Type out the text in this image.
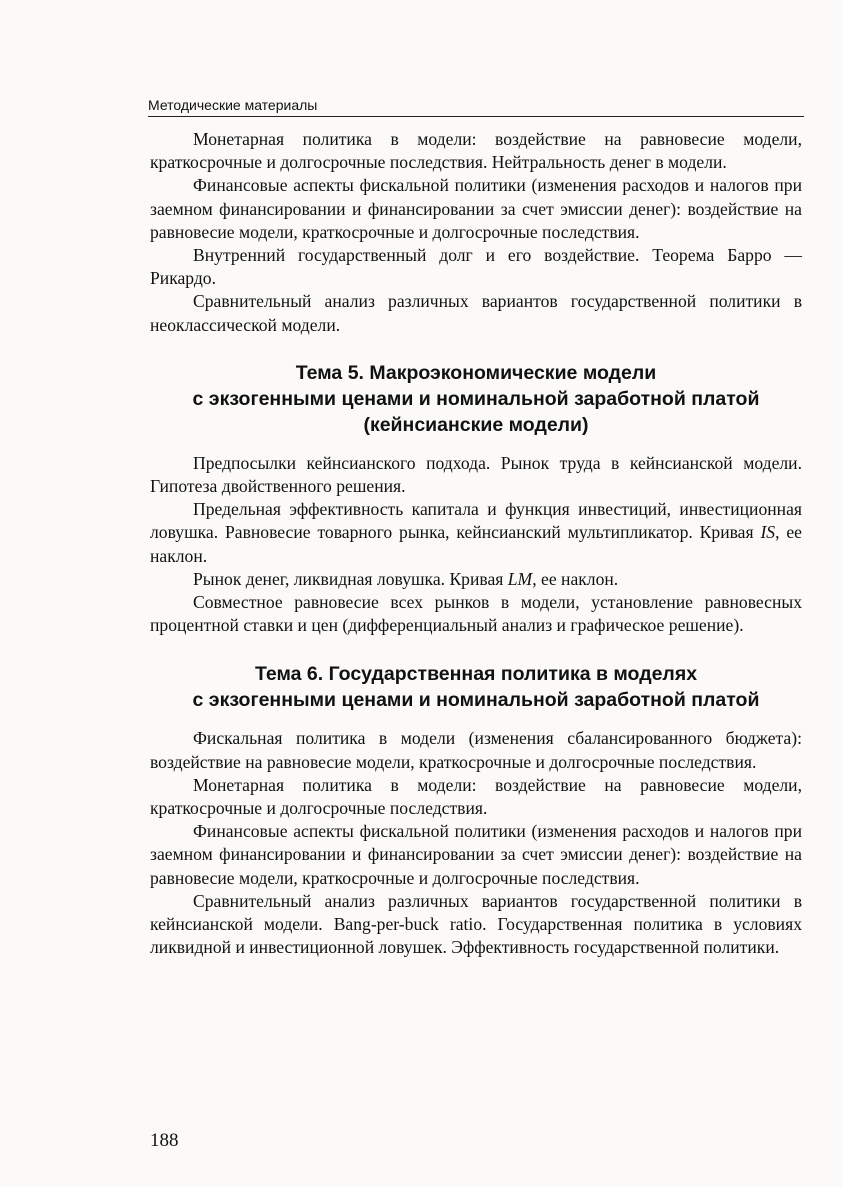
Методические материалы

Монетарная политика в модели: воздействие на равновесие модели, краткосрочные и долгосрочные последствия. Нейтральность денег в модели.

Финансовые аспекты фискальной политики (изменения расходов и налогов при заемном финансировании и финансировании за счет эмиссии денег): воздействие на равновесие модели, краткосрочные и долгосрочные последствия.

Внутренний государственный долг и его воздействие. Теорема Барро — Рикардо.

Сравнительный анализ различных вариантов государственной политики в неоклассической модели.

Тема 5. Макроэкономические модели
с экзогенными ценами и номинальной заработной платой
(кейнсианские модели)

Предпосылки кейнсианского подхода. Рынок труда в кейнсианской модели. Гипотеза двойственного решения.

Предельная эффективность капитала и функция инвестиций, инвестиционная ловушка. Равновесие товарного рынка, кейнсианский мультипликатор. Кривая IS, ее наклон.

Рынок денег, ликвидная ловушка. Кривая LM, ее наклон.

Совместное равновесие всех рынков в модели, установление равновесных процентной ставки и цен (дифференциальный анализ и графическое решение).

Тема 6. Государственная политика в моделях
с экзогенными ценами и номинальной заработной платой

Фискальная политика в модели (изменения сбалансированного бюджета): воздействие на равновесие модели, краткосрочные и долгосрочные последствия.

Монетарная политика в модели: воздействие на равновесие модели, краткосрочные и долгосрочные последствия.

Финансовые аспекты фискальной политики (изменения расходов и налогов при заемном финансировании и финансировании за счет эмиссии денег): воздействие на равновесие модели, краткосрочные и долгосрочные последствия.

Сравнительный анализ различных вариантов государственной политики в кейнсианской модели. Bang-per-buck ratio. Государственная политика в условиях ликвидной и инвестиционной ловушек. Эффективность государственной политики.

188
